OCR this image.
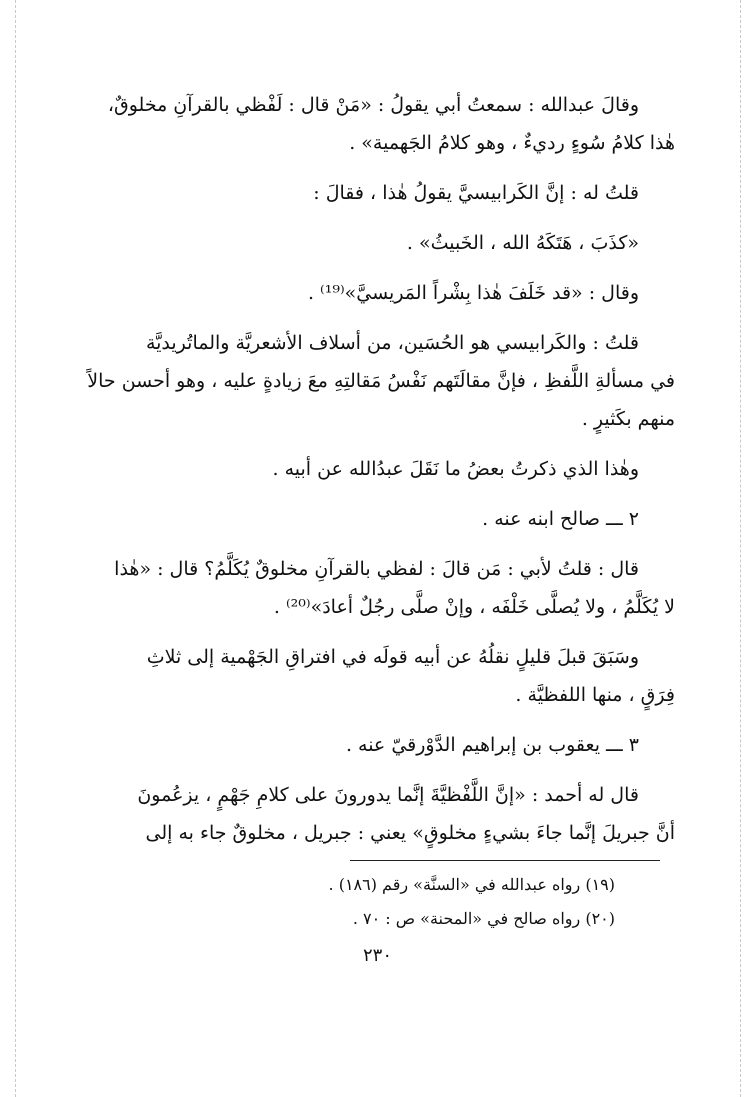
وقالَ عبدالله : سمعتُ أبي يقولُ : «مَنْ قال : لَفْظي بالقرآنِ مخلوقٌ،
هٰذا كلامُ سُوءٍ رديءٌ ، وهو كلامُ الجَهمية» .
قلتُ له : إنَّ الكَرابيسيَّ يقولُ هٰذا ، فقالَ :
«كذَبَ ، هَتَكَهُ الله ، الخَبيثُ» .
وقال : «قد خَلَفَ هٰذا بِشْراً المَريسيَّ»⁽¹⁹⁾ .
قلتُ : والكَرابيسي هو الحُسَين، من أسلاف الأشعريَّة والماتُريديَّة
في مسألةِ اللَّفظِ ، فإنَّ مقالَتَهم نَفْسُ مَقالتِهِ معَ زيادةٍ عليه ، وهو أحسن حالاً
منهم بكَثيرٍ .
وهٰذا الذي ذكرتُ بعضُ ما نَقَلَ عبدُالله عن أبيه .
٢ ـــ صالح ابنه عنه .
قال : قلتُ لأبي : مَن قالَ : لفظي بالقرآنِ مخلوقٌ يُكَلَّمُ؟ قال : «هٰذا
لا يُكَلَّمُ ، ولا يُصلَّى خَلْفَه ، وإنْ صلَّى رجُلٌ أعادَ»⁽²⁰⁾ .
وسَبَقَ قبلَ قليلٍ نقلُهُ عن أبيه قولَه في افتراقِ الجَهْمية إلى ثلاثِ
فِرَقٍ ، منها اللفظيَّة .
٣ ـــ يعقوب بن إبراهيم الدَّوْرقيّ عنه .
قال له أحمد : «إنَّ اللَّفْظيَّةَ إنَّما يدورونَ على كلامِ جَهْمٍ ، يزعُمونَ
أنَّ جبريلَ إنَّما جاءَ بشيءٍ مخلوقٍ» يعني : جبريل ، مخلوقٌ جاء به إلى
(١٩) رواه عبدالله في «السنَّة» رقم (١٨٦) .
(٢٠) رواه صالح في «المحنة» ص : ٧٠ .
٢٣٠
